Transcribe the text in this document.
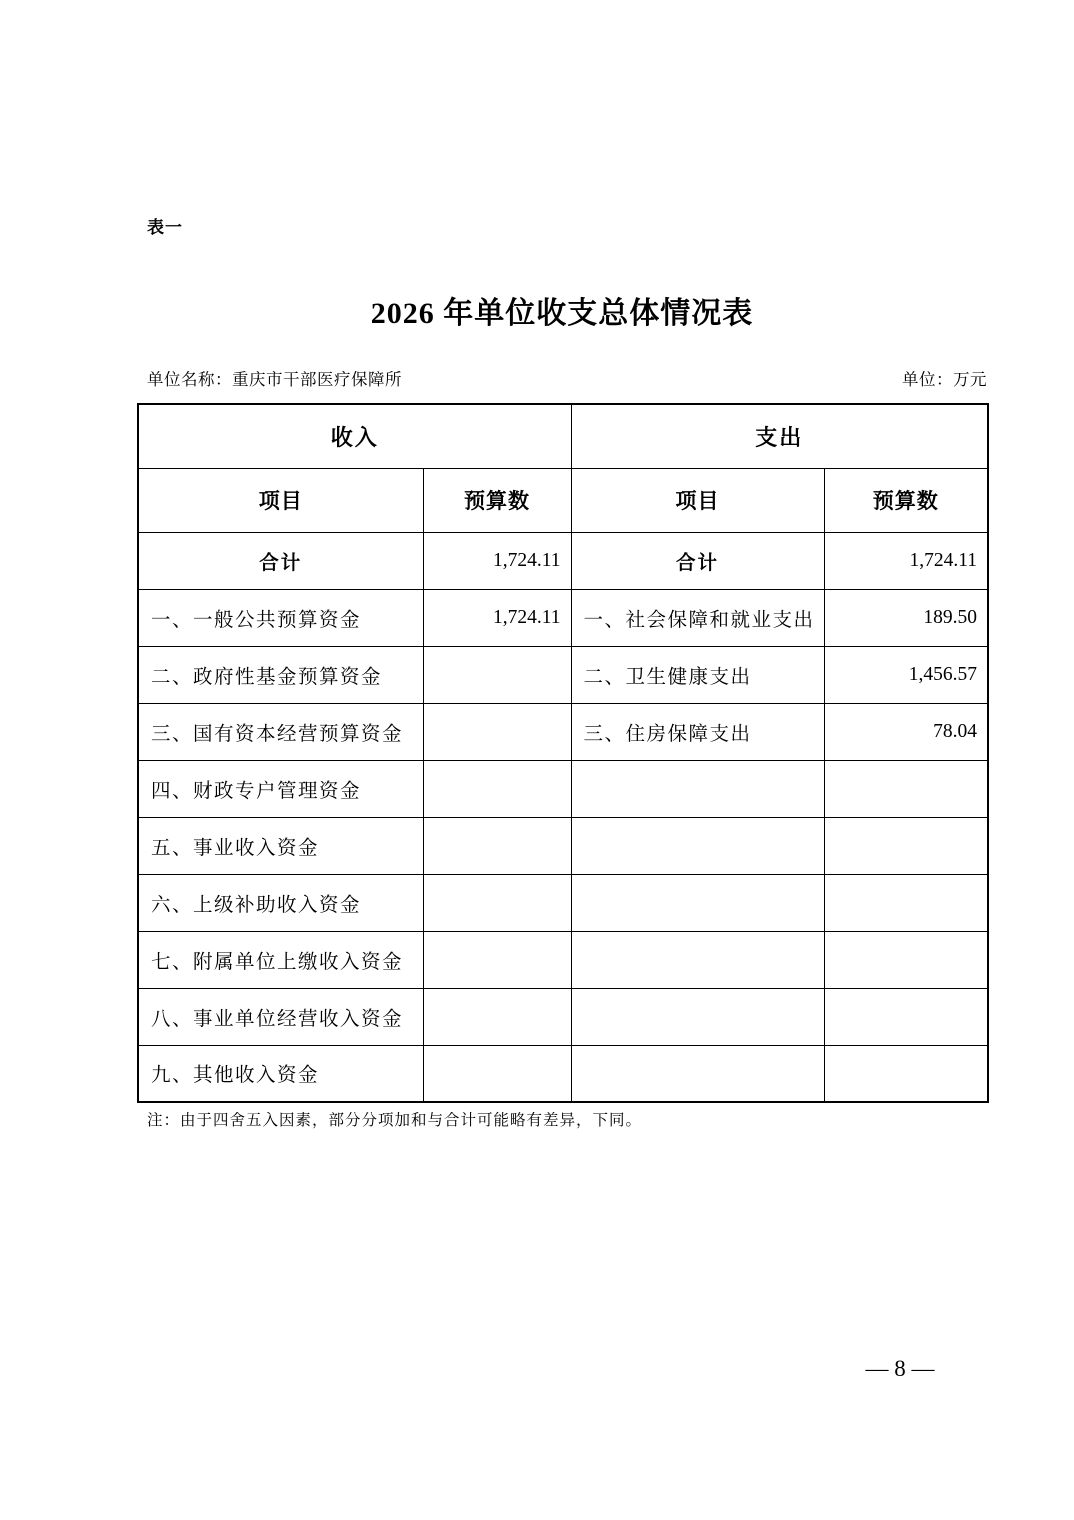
表一
2026 年单位收支总体情况表
单位名称：重庆市干部医疗保障所	单位：万元
收入		支出	
项目	预算数	项目	预算数
合计	1,724.11	合计	1,724.11
一、一般公共预算资金	1,724.11	一、社会保障和就业支出	189.50
二、政府性基金预算资金		二、卫生健康支出	1,456.57
三、国有资本经营预算资金		三、住房保障支出	78.04
四、财政专户管理资金			
五、事业收入资金			
六、上级补助收入资金			
七、附属单位上缴收入资金			
八、事业单位经营收入资金			
九、其他收入资金			
注：由于四舍五入因素，部分分项加和与合计可能略有差异，下同。
— 8 —
